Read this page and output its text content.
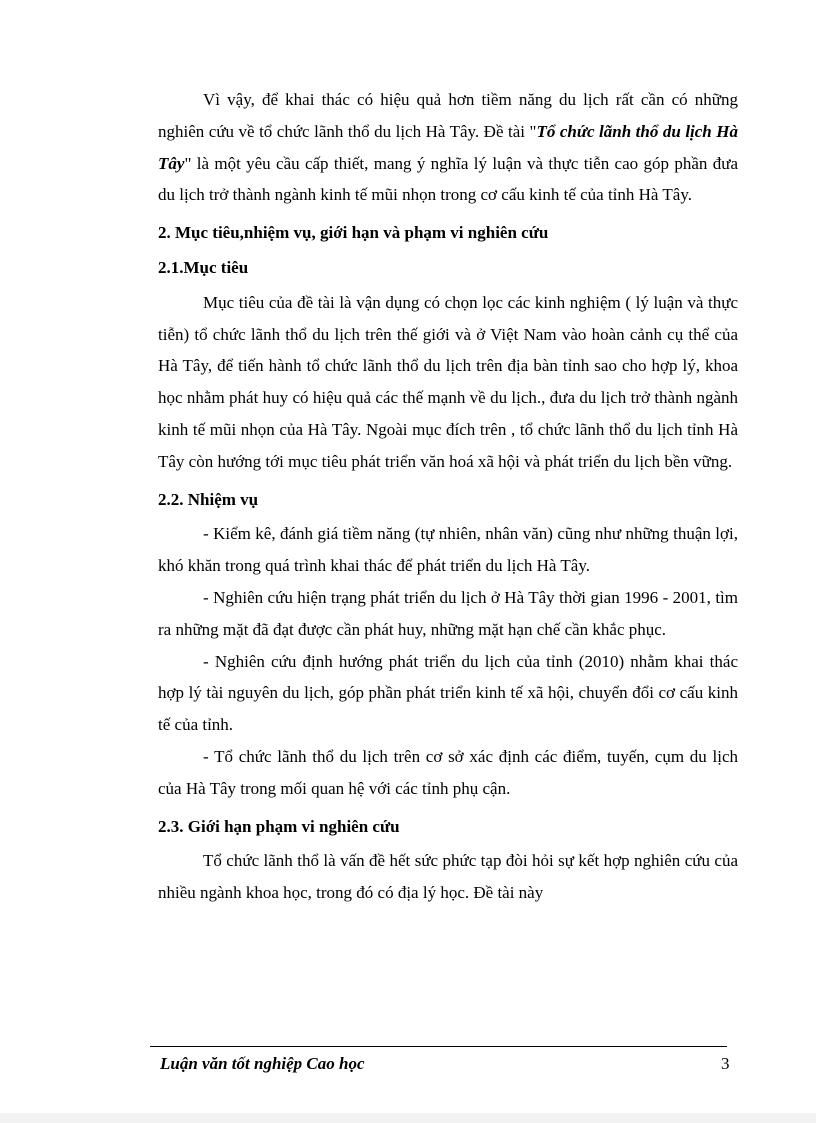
Vì vậy, để khai thác có hiệu quả hơn tiềm năng du lịch rất cần có những nghiên cứu về tổ chức lãnh thổ du lịch Hà Tây. Đề tài "Tổ chức lãnh thổ du lịch Hà Tây" là một yêu cầu cấp thiết, mang ý nghĩa lý luận và thực tiễn cao góp phần đưa du lịch trở thành ngành kinh tế mũi nhọn trong cơ cấu kinh tế của tỉnh Hà Tây.

2. Mục tiêu,nhiệm vụ, giới hạn và phạm vi nghiên cứu

2.1.Mục tiêu

Mục tiêu của đề tài là vận dụng có chọn lọc các kinh nghiệm ( lý luận và thực tiễn) tổ chức lãnh thổ du lịch trên thế giới và ở Việt Nam vào hoàn cảnh cụ thể của Hà Tây, để tiến hành tổ chức lãnh thổ du lịch trên địa bàn tỉnh sao cho hợp lý, khoa học nhằm phát huy có hiệu quả các thế mạnh về du lịch., đưa du lịch trở thành ngành kinh tế mũi nhọn của Hà Tây. Ngoài mục đích trên , tổ chức lãnh thổ du lịch tỉnh Hà Tây còn hướng tới mục tiêu phát triển văn hoá xã hội và phát triển du lịch bền vững.

2.2. Nhiệm vụ

- Kiểm kê, đánh giá tiềm năng (tự nhiên, nhân văn) cũng như những thuận lợi, khó khăn trong quá trình khai thác để phát triển du lịch Hà Tây.

- Nghiên cứu hiện trạng phát triển du lịch ở Hà Tây thời gian 1996 - 2001, tìm ra những mặt đã đạt được cần phát huy, những mặt hạn chế cần khắc phục.

- Nghiên cứu định hướng phát triển du lịch của tỉnh (2010) nhằm khai thác hợp lý tài nguyên du lịch, góp phần phát triển kinh tế xã hội, chuyển đổi cơ cấu kinh tế của tỉnh.

- Tổ chức lãnh thổ du lịch trên cơ sở xác định các điểm, tuyến, cụm du lịch của Hà Tây trong mối quan hệ với các tỉnh phụ cận.

2.3. Giới hạn phạm vi nghiên cứu

Tổ chức lãnh thổ là vấn đề hết sức phức tạp đòi hỏi sự kết hợp nghiên cứu của nhiều ngành khoa học, trong đó có địa lý học. Đề tài này

Luận văn tốt nghiệp Cao học	3
